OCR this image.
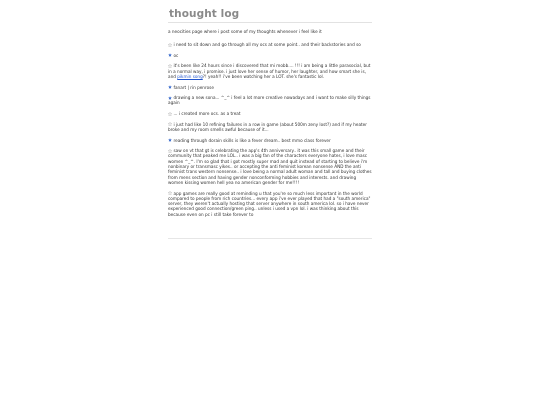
thought log
a neocities page where i post some of my thoughts whenever i feel like it
i need to sit down and go through all my ocs at some point.. and their backstories and so
oc
it's been like 24 hours since i discovered that mi mobb.... !!! i am being a little parasocial, but in a normal way, i promise. i just love her sense of humor, her laughter, and how smart she is, and pikmin song?! yeah!! i've been watching her a LOT. she's fantastic lol.
fanart | rin penrose
drawing a new sona... ^_^ i feel a lot more creative nowadays and i want to make silly things again
... i created more ocs. as a treat
i just had like 10 refining failures in a row in game (about 500m zeny lost?) and if my heater broke and my room smells awful because of it...
reading through dorain skills is like a fever dream.. best mmo class forever
saw on vt that gt is celebrating the app's 4th anniversary.. it was this small game and their community that peaked me LOL.. i was a big fan of the characters everyone hates, i love masc women ^_^. I'm so glad that i got mostly super mad and quit instead of starting to believe i'm nonbinary or transmasc yikes.. or accepting the anti feminist korean nonsense AND the anti feminist trans western nonsense.. i love being a normal adult woman and tall and buying clothes from mens section and having gender nonconforming hobbies and interests. and drawing women kissing women hell yea no american gender for me!!!!
app games are really good at reminding u that you're so much less important in the world compared to people from rich countries... every app i've ever played that had a "south america" server, they weren't actually hosting that server anywhere in south america lol. so i have never experienced good connection/green ping.. unless i used a vpn lol. i was thinking about this because even on pc i still take forever to
